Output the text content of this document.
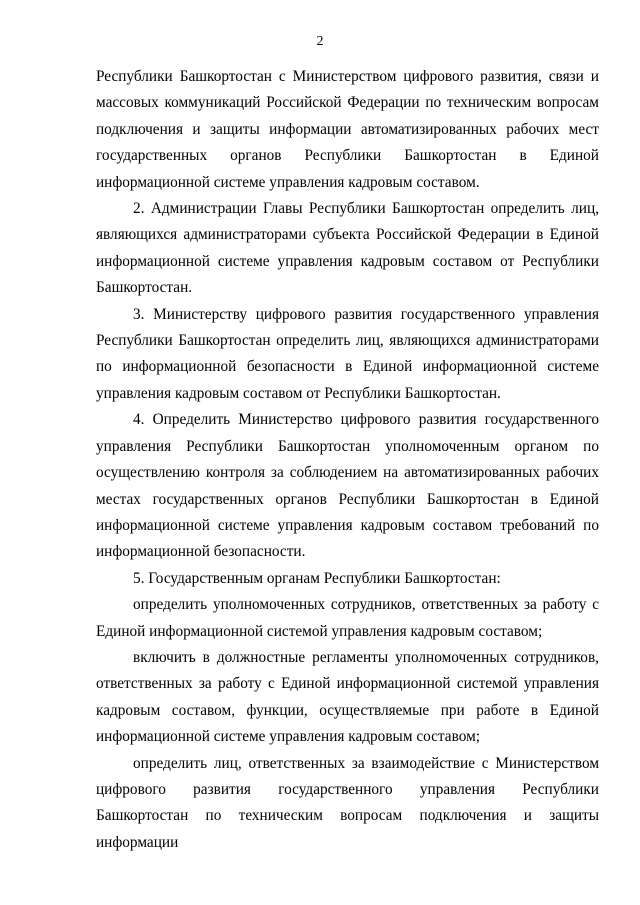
2

Республики Башкортостан с Министерством цифрового развития, связи и массовых коммуникаций Российской Федерации по техническим вопросам подключения и защиты информации автоматизированных рабочих мест государственных органов Республики Башкортостан в Единой информационной системе управления кадровым составом.

2. Администрации Главы Республики Башкортостан определить лиц, являющихся администраторами субъекта Российской Федерации в Единой информационной системе управления кадровым составом от Республики Башкортостан.

3. Министерству цифрового развития государственного управления Республики Башкортостан определить лиц, являющихся администраторами по информационной безопасности в Единой информационной системе управления кадровым составом от Республики Башкортостан.

4. Определить Министерство цифрового развития государственного управления Республики Башкортостан уполномоченным органом по осуществлению контроля за соблюдением на автоматизированных рабочих местах государственных органов Республики Башкортостан в Единой информационной системе управления кадровым составом требований по информационной безопасности.

5. Государственным органам Республики Башкортостан:

определить уполномоченных сотрудников, ответственных за работу с Единой информационной системой управления кадровым составом;

включить в должностные регламенты уполномоченных сотрудников, ответственных за работу с Единой информационной системой управления кадровым составом, функции, осуществляемые при работе в Единой информационной системе управления кадровым составом;

определить лиц, ответственных за взаимодействие с Министерством цифрового развития государственного управления Республики Башкортостан по техническим вопросам подключения и защиты информации
